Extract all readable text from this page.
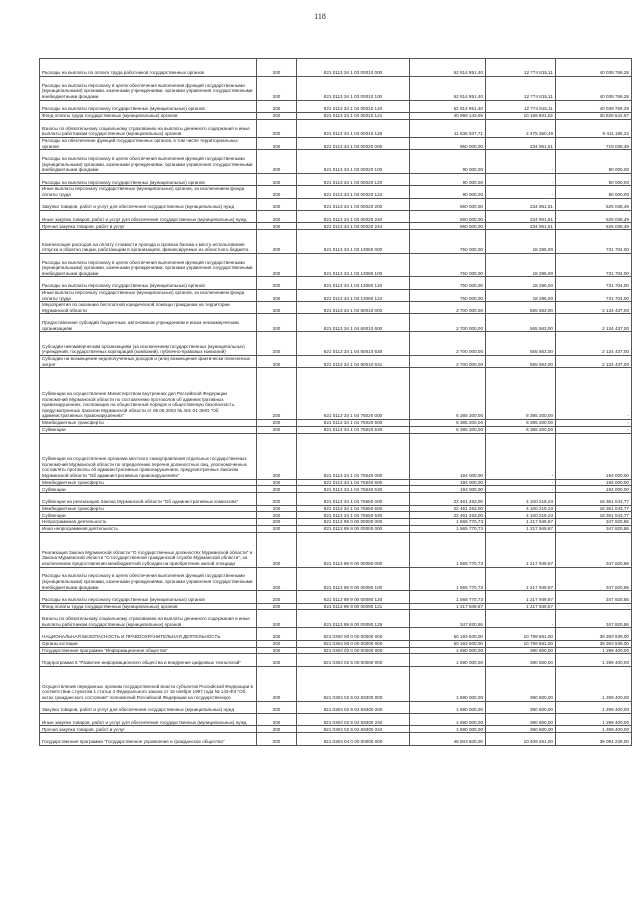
118
Расходы на выплаты по оплате труда работников государственных органов	200	821 0113 34 1 03 00010 000	52 814 951,40	12 774 815,11	40 039 769,29
Расходы на выплаты персоналу в целях обеспечения выполнения функций государственными (муниципальными) органами, казенными учреждениями, органами управления государственными внебюджетными фондами	200	821 0113 34 1 03 00010 100	52 814 951,40	12 774 815,11	40 039 769,29
Расходы на выплаты персоналу государственных (муниципальных) органов	200	821 0113 34 1 03 00010 120	52 814 951,40	12 774 815,11	40 039 769,29
Фонд оплаты труда государственных (муниципальных) органов	200	821 0113 34 1 03 00010 121	40 988 143,69	10 169 601,02	30 828 542,67
Взносы по обязательному социальному страхованию на выплаты денежного содержания и иные выплаты работникам государственных (муниципальных) органов	200	821 0113 34 1 03 00010 129	11 836 537,71	2 475 350,49	9 411 186,22
Расходы на обеспечение функций государственных органов, в том числе территориальных органов	200	821 0113 34 1 03 00020 000	950 000,00	234 961,51	715 038,49
Расходы на выплаты персоналу в целях обеспечения выполнения функций государственными (муниципальными) органами, казенными учреждениями, органами управления государственными внебюджетными фондами	200	821 0113 34 1 03 00020 100	90 000,00	-	90 000,00
Расходы на выплаты персоналу государственных (муниципальных) органов	200	821 0113 34 1 03 00020 120	90 000,00	-	90 000,00
Иные выплаты персоналу государственных (муниципальных) органов, за исключением фонда оплаты труда	200	821 0113 34 1 03 00020 122	90 000,00	-	90 000,00
Закупка товаров, работ и услуг для обеспечения государственных (муниципальных) нужд	200	821 0113 34 1 03 00020 200	860 000,00	234 961,51	625 038,49
Иные закупки товаров, работ и услуг для обеспечения государственных (муниципальных) нужд	200	821 0113 34 1 03 00020 240	860 000,00	234 961,51	625 038,49
Прочая закупка товаров, работ и услуг	200	821 0113 34 1 03 00020 244	860 000,00	234 961,51	625 038,49
Компенсация расходов на оплату стоимости проезда и провоза багажа к месту использования отпуска и обратно лицам, работающим в организациях, финансируемых из областного бюджета	200	821 0113 34 1 03 13060 000	750 000,00	18 296,00	731 704,00
Расходы на выплаты персоналу в целях обеспечения выполнения функций государственными (муниципальными) органами, казенными учреждениями, органами управления государственными внебюджетными фондами	200	821 0113 34 1 03 13060 100	750 000,00	18 296,00	731 704,00
Расходы на выплаты персоналу государственных (муниципальных) органов	200	821 0113 34 1 03 13060 120	750 000,00	18 296,00	731 704,00
Иные выплаты персоналу государственных (муниципальных) органов, за исключением фонда оплаты труда	200	821 0113 34 1 03 13060 122	750 000,00	18 296,00	731 704,00
Мероприятия по оказанию бесплатной юридической помощи гражданам на территории Мурманской области	200	821 0113 34 1 04 60010 000	2 700 000,00	565 563,00	2 134 437,00
Предоставление субсидий бюджетным, автономным учреждениям и иным некоммерческим организациям	200	821 0113 34 1 04 60010 600	2 700 000,00	565 563,00	2 134 437,00
Субсидии некоммерческим организациям (за исключением государственных (муниципальных) учреждений, государственных корпораций (компаний), публично-правовых компаний)	200	821 0113 34 1 04 60010 630	2 700 000,00	565 563,00	2 134 437,00
Субсидии на возмещение недополученных доходов и (или) возмещение фактически понесенных затрат	200	821 0113 34 1 04 60010 631	2 700 000,00	565 563,00	2 134 437,00
Субвенции на осуществление Министерством внутренних дел Российской Федерации полномочий Мурманской области по составлению протоколов об административных правонарушениях, посягающих на общественный порядок и общественную безопасность, предусмотренных Законом Мурманской области от 06.06.2003 № 401-01-ЗМО "Об административных правонарушениях"	200	821 0113 34 1 04 75020 000	6 385 200,00	6 385 200,00	-
Межбюджетные трансферты	200	821 0113 34 1 04 75020 500	6 385 200,00	6 385 200,00	-
Субвенции	200	821 0113 34 1 04 75020 530	6 385 200,00	6 385 200,00	-
Субвенции на осуществление органами местного самоуправления отдельных государственных полномочий Мурманской области по определению перечня должностных лиц, уполномоченных составлять протоколы об административных правонарушениях, предусмотренных Законом Мурманской области "Об административных правонарушениях"	200	821 0113 34 1 04 75540 000	194 000,00	-	194 000,00
Межбюджетные трансферты	200	821 0113 34 1 04 75540 500	194 000,00	-	194 000,00
Субвенции	200	821 0113 34 1 04 75540 530	194 000,00	-	194 000,00
Субвенции на реализацию Закона Мурманской области "Об административных комиссиях"	200	821 0113 34 1 04 75550 000	22 461 263,00	4 100 219,23	18 361 043,77
Межбюджетные трансферты	200	821 0113 34 1 04 75550 500	22 461 263,00	4 100 219,23	18 361 043,77
Субвенции	200	821 0113 34 1 04 75550 530	22 461 263,00	4 100 219,23	18 361 043,77
Непрограммная деятельность	200	821 0113 99 0 00 00000 000	1 565 770,73	1 217 949,87	347 820,86
Иная непрограммная деятельность	200	821 0113 99 9 00 00000 000	1 565 770,73	1 217 949,87	347 820,86
Реализация Закона Мурманской области "О государственных должностях Мурманской области" и Закона Мурманской области "О государственной гражданской службе Мурманской области", за исключением предоставления межбюджетной субсидии на приобретение жилой площади	200	821 0113 99 9 00 00090 000	1 565 770,73	1 217 949,87	347 820,86
Расходы на выплаты персоналу в целях обеспечения выполнения функций государственными (муниципальными) органами, казенными учреждениями, органами управления государственными внебюджетными фондами	200	821 0113 99 9 00 00090 100	1 565 770,73	1 217 949,87	347 820,86
Расходы на выплаты персоналу государственных (муниципальных) органов	200	821 0113 99 9 00 00090 120	1 565 770,73	1 217 949,87	347 820,86
Фонд оплаты труда государственных (муниципальных) органов	200	821 0113 99 9 00 00090 121	1 217 949,87	1 217 949,87	-
Взносы по обязательному социальному страхованию на выплаты денежного содержания и иные выплаты работникам государственных (муниципальных) органов	200	821 0113 99 9 00 00090 129	347 820,86	-	347 820,86
НАЦИОНАЛЬНАЯ БЕЗОПАСНОСТЬ И ПРАВООХРАНИТЕЛЬНАЯ ДЕЯТЕЛЬНОСТЬ	200	821 0300 00 0 00 00000 000	50 193 500,00	10 799 561,00	39 393 939,00
Органы юстиции	200	821 0304 00 0 00 00000 000	50 193 500,00	10 799 561,00	39 393 939,00
Государственная программа "Информационное общество"	200	821 0304 02 0 00 00000 000	1 690 000,00	390 600,00	1 299 400,00
Подпрограмма 5 "Развитие информационного общества и внедрение цифровых технологий"	200	821 0304 02 5 00 00000 000	1 690 000,00	390 600,00	1 299 400,00
Осуществление переданных органам государственной власти субъектов Российской Федерации в соответствии с пунктом 1 статьи 4 Федерального закона от 15 ноября 1997 года № 143-ФЗ "Об актах гражданского состояния" полномочий Российской Федерации на государственную	200	821 0304 02 5 02 59300 000	1 690 000,00	390 600,00	1 299 400,00
Закупка товаров, работ и услуг для обеспечения государственных (муниципальных) нужд	200	821 0304 02 5 02 59300 200	1 690 000,00	390 600,00	1 299 400,00
Иные закупки товаров, работ и услуг для обеспечения государственных (муниципальных) нужд	200	821 0304 02 5 02 59300 240	1 690 000,00	390 600,00	1 299 400,00
Прочая закупка товаров, работ и услуг	200	821 0304 02 5 02 59300 244	1 690 000,00	390 600,00	1 299 400,00
Государственная программа "Государственное управление и гражданское общество"	200	821 0304 04 0 00 00000 000	48 503 500,00	10 409 261,00	38 094 239,00
